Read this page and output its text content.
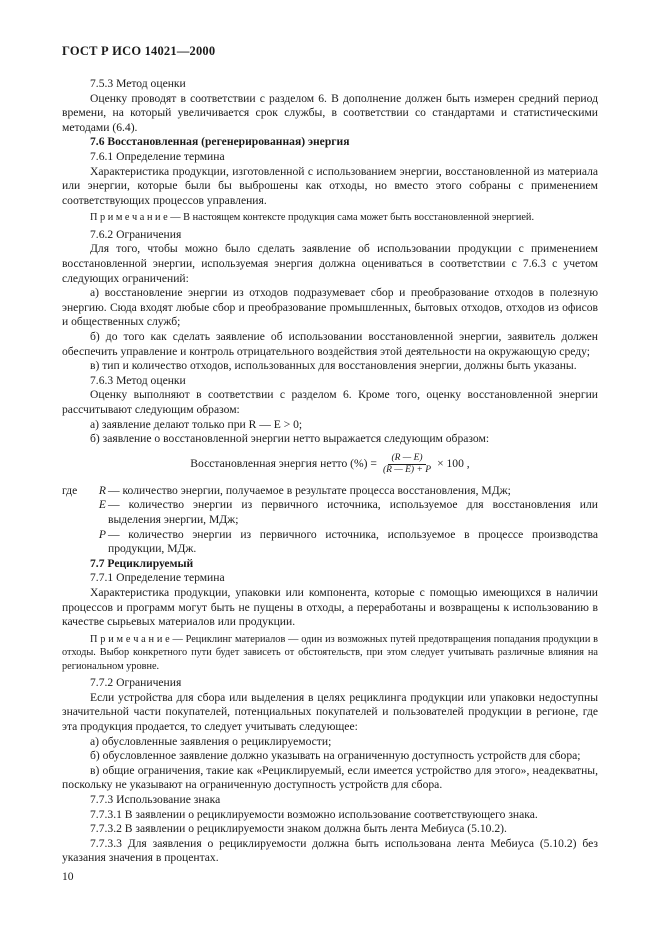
ГОСТ Р ИСО 14021—2000

7.5.3 Метод оценки

Оценку проводят в соответствии с разделом 6. В дополнение должен быть измерен средний период времени, на который увеличивается срок службы, в соответствии со стандартами и статистическими методами (6.4).

7.6 Восстановленная (регенерированная) энергия

7.6.1 Определение термина

Характеристика продукции, изготовленной с использованием энергии, восстановленной из материала или энергии, которые были бы выброшены как отходы, но вместо этого собраны с применением соответствующих процессов управления.

П р и м е ч а н и е — В настоящем контексте продукция сама может быть восстановленной энергией.

7.6.2 Ограничения

Для того, чтобы можно было сделать заявление об использовании продукции с применением восстановленной энергии, используемая энергия должна оцениваться в соответствии с 7.6.3 с учетом следующих ограничений:

а) восстановление энергии из отходов подразумевает сбор и преобразование отходов в полезную энергию. Сюда входят любые сбор и преобразование промышленных, бытовых отходов, отходов из офисов и общественных служб;

б) до того как сделать заявление об использовании восстановленной энергии, заявитель должен обеспечить управление и контроль отрицательного воздействия этой деятельности на окружающую среду;

в) тип и количество отходов, использованных для восстановления энергии, должны быть указаны.

7.6.3 Метод оценки

Оценку выполняют в соответствии с разделом 6. Кроме того, оценку восстановленной энергии рассчитывают следующим образом:

а) заявление делают только при R — E > 0;

б) заявление о восстановленной энергии нетто выражается следующим образом:

Восстановленная энергия нетто (%) = $\frac{(R — E)}{(R — E) + P} \times 100$ ,
где	R — количество энергии, получаемое в результате процесса восстановления, МДж;
E — количество энергии из первичного источника, используемое для восстановления или выделения энергии, МДж;
P — количество энергии из первичного источника, используемое в процессе производства продукции, МДж.

7.7 Рециклируемый

7.7.1 Определение термина

Характеристика продукции, упаковки или компонента, которые с помощью имеющихся в наличии процессов и программ могут быть не пущены в отходы, а переработаны и возвращены к использованию в качестве сырьевых материалов или продукции.

П р и м е ч а н и е — Рециклинг материалов — один из возможных путей предотвращения попадания продукции в отходы. Выбор конкретного пути будет зависеть от обстоятельств, при этом следует учитывать различные влияния на региональном уровне.

7.7.2 Ограничения

Если устройства для сбора или выделения в целях рециклинга продукции или упаковки недоступны значительной части покупателей, потенциальных покупателей и пользователей продукции в регионе, где эта продукция продается, то следует учитывать следующее:

а) обусловленные заявления о рециклируемости;

б) обусловленное заявление должно указывать на ограниченную доступность устройств для сбора;

в) общие ограничения, такие как «Рециклируемый, если имеется устройство для этого», неадекватны, поскольку не указывают на ограниченную доступность устройств для сбора.

7.7.3 Использование знака

7.7.3.1 В заявлении о рециклируемости возможно использование соответствующего знака.

7.7.3.2 В заявлении о рециклируемости знаком должна быть лента Мебиуса (5.10.2).

7.7.3.3 Для заявления о рециклируемости должна быть использована лента Мебиуса (5.10.2) без указания значения в процентах.

10
